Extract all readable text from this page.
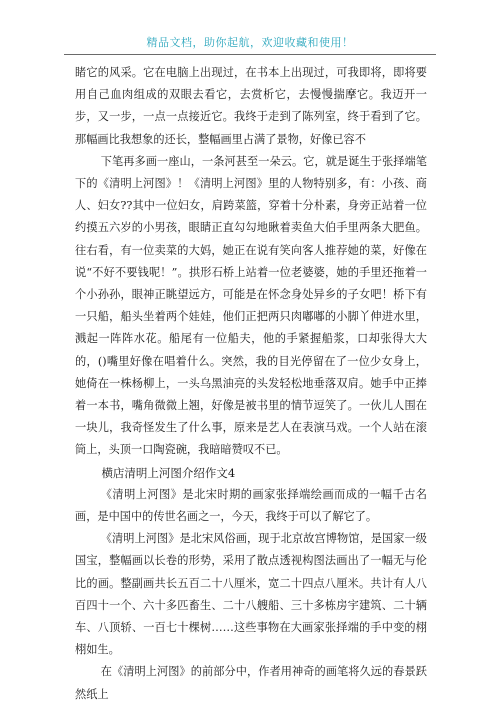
精品文档，助你起航，欢迎收藏和使用！

睹它的风采。它在电脑上出现过，在书本上出现过，可我即将，即将要用自己血肉组成的双眼去看它，去赏析它，去慢慢揣摩它。我迈开一步，又一步，一点一点接近它。我终于走到了陈列室，终于看到了它。那幅画比我想象的还长，整幅画里占满了景物，好像已容不

下笔再多画一座山，一条河甚至一朵云。它，就是诞生于张择端笔下的《清明上河图》！《清明上河图》里的人物特别多，有：小孩、商人、妇女??其中一位妇女，肩跨菜篮，穿着十分朴素，身旁正站着一位约摸五六岁的小男孩，眼睛正直勾勾地瞅着卖鱼大伯手里两条大肥鱼。往右看，有一位卖菜的大妈，她正在说有笑向客人推荐她的菜，好像在说“不好不要钱呢！”。拱形石桥上站着一位老婆婆，她的手里还拖着一个小孙孙，眼神正眺望远方，可能是在怀念身处异乡的子女吧！桥下有一只船，船头坐着两个娃娃，他们正把两只肉嘟嘟的小脚丫伸进水里，溅起一阵阵水花。船尾有一位船夫，他的手紧握船浆，口却张得大大的，()嘴里好像在唱着什么。突然，我的目光停留在了一位少女身上，她倚在一株杨柳上，一头乌黑油亮的头发轻松地垂落双肩。她手中正捧着一本书，嘴角微微上翘，好像是被书里的情节逗笑了。一伙儿人围在一块儿，我奇怪发生了什么事，原来是艺人在表演马戏。一个人站在滚筒上，头顶一口陶瓷碗，我暗暗赞叹不已。

横店清明上河图介绍作文4

《清明上河图》是北宋时期的画家张择端绘画而成的一幅千古名画，是中国中的传世名画之一，今天，我终于可以了解它了。

《清明上河图》是北宋风俗画，现于北京故宫博物馆，是国家一级国宝，整幅画以长卷的形势，采用了散点透视构图法画出了一幅无与伦比的画。整副画共长五百二十八厘米，宽二十四点八厘米。共计有人八百四十一个、六十多匹畜生、二十八艘船、三十多栋房宇建筑、二十辆车、八顶轿、一百七十棵树……这些事物在大画家张择端的手中变的栩栩如生。

在《清明上河图》的前部分中，作者用神奇的画笔将久远的春景跃然纸上
